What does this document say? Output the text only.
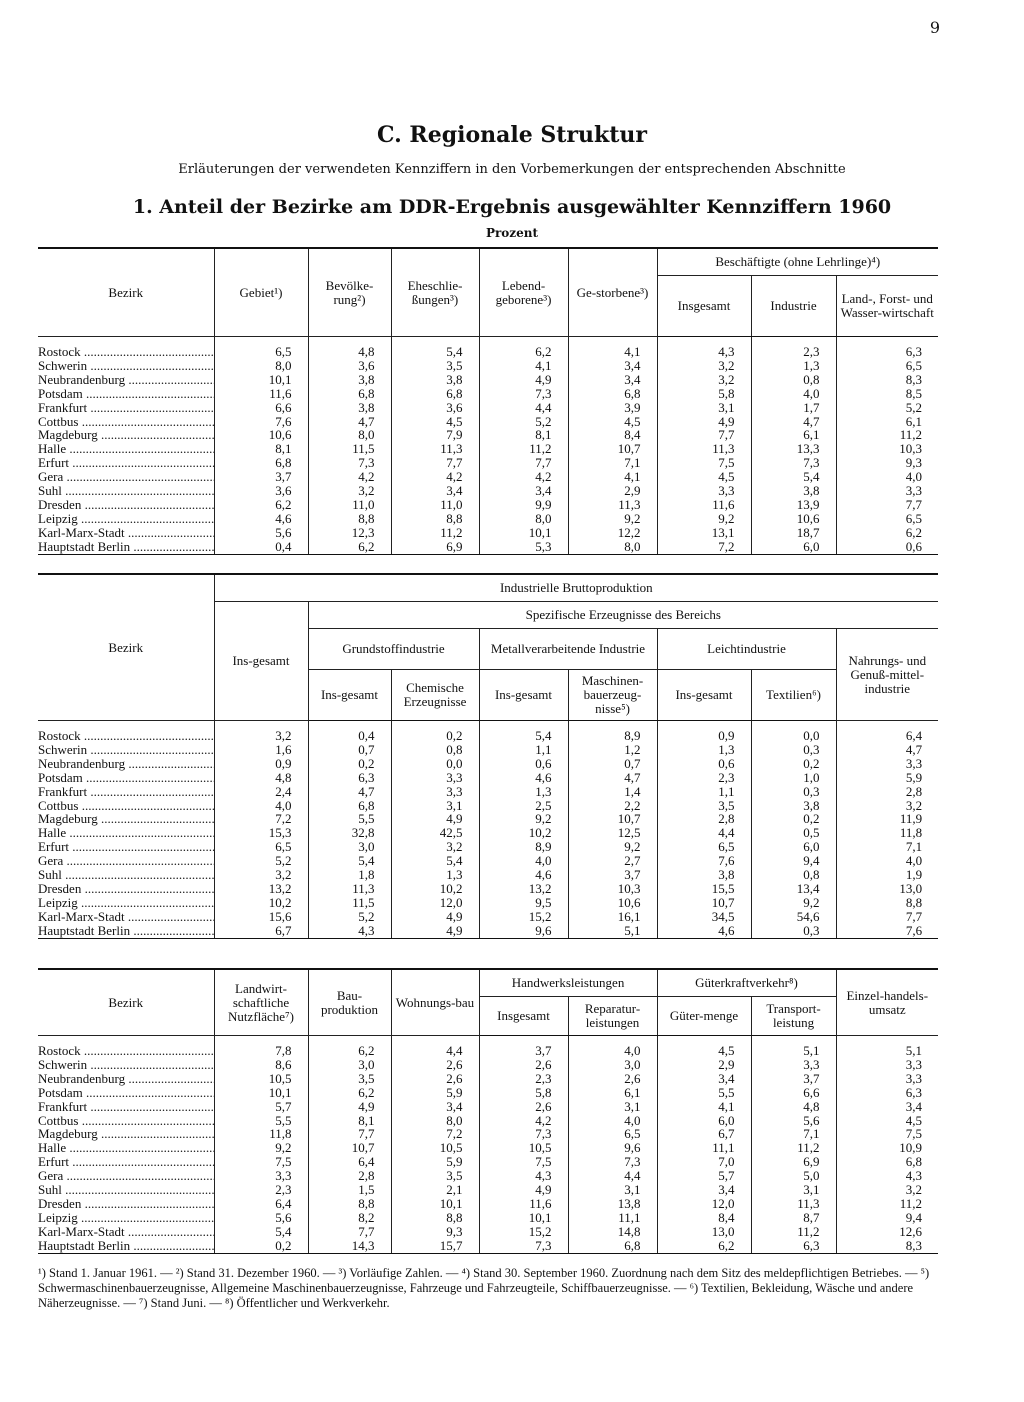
9
C. Regionale Struktur
Erläuterungen der verwendeten Kennziffern in den Vorbemerkungen der entsprechenden Abschnitte
1. Anteil der Bezirke am DDR-Ergebnis ausgewählter Kennziffern 1960
Prozent
Bezirk	Gebiet¹)	Bevölke-rung²)	Eheschlie-ßungen³)	Lebend-geborene³)	Ge-storbene³)	Beschäftigte (ohne Lehrlinge)⁴)		
						Insgesamt	Industrie	Land-, Forst- und Wasser-wirtschaft
Rostock .....	6,5	4,8	5,4	6,2	4,1	4,3	2,3	6,3
Schwerin .....	8,0	3,6	3,5	4,1	3,4	3,2	1,3	6,5
Neubrandenburg .....	10,1	3,8	3,8	4,9	3,4	3,2	0,8	8,3
Potsdam .....	11,6	6,8	6,8	7,3	6,8	5,8	4,0	8,5
Frankfurt .....	6,6	3,8	3,6	4,4	3,9	3,1	1,7	5,2
Cottbus .....	7,6	4,7	4,5	5,2	4,5	4,9	4,7	6,1
Magdeburg .....	10,6	8,0	7,9	8,1	8,4	7,7	6,1	11,2
Halle .....	8,1	11,5	11,3	11,2	10,7	11,3	13,3	10,3
Erfurt .....	6,8	7,3	7,7	7,7	7,1	7,5	7,3	9,3
Gera .....	3,7	4,2	4,2	4,2	4,1	4,5	5,4	4,0
Suhl .....	3,6	3,2	3,4	3,4	2,9	3,3	3,8	3,3
Dresden .....	6,2	11,0	11,0	9,9	11,3	11,6	13,9	7,7
Leipzig .....	4,6	8,8	8,8	8,0	9,2	9,2	10,6	6,5
Karl-Marx-Stadt .....	5,6	12,3	11,2	10,1	12,2	13,1	18,7	6,2
Hauptstadt Berlin .....	0,4	6,2	6,9	5,3	8,0	7,2	6,0	0,6
Bezirk	Industrielle Bruttoproduktion							
	Ins-gesamt	Spezifische Erzeugnisse des Bereichs						
		Grundstoffindustrie		Metallverarbeitende Industrie		Leichtindustrie		Nahrungs- und Genuß-mittel-industrie
		Ins-gesamt	Chemische Erzeugnisse	Ins-gesamt	Maschinen-bauerzeug-nisse⁵)	Ins-gesamt	Textilien⁶)	
Rostock .....	3,2	0,4	0,2	5,4	8,9	0,9	0,0	6,4
Schwerin .....	1,6	0,7	0,8	1,1	1,2	1,3	0,3	4,7
Neubrandenburg .....	0,9	0,2	0,0	0,6	0,7	0,6	0,2	3,3
Potsdam .....	4,8	6,3	3,3	4,6	4,7	2,3	1,0	5,9
Frankfurt .....	2,4	4,7	3,3	1,3	1,4	1,1	0,3	2,8
Cottbus .....	4,0	6,8	3,1	2,5	2,2	3,5	3,8	3,2
Magdeburg .....	7,2	5,5	4,9	9,2	10,7	2,8	0,2	11,9
Halle .....	15,3	32,8	42,5	10,2	12,5	4,4	0,5	11,8
Erfurt .....	6,5	3,0	3,2	8,9	9,2	6,5	6,0	7,1
Gera .....	5,2	5,4	5,4	4,0	2,7	7,6	9,4	4,0
Suhl .....	3,2	1,8	1,3	4,6	3,7	3,8	0,8	1,9
Dresden .....	13,2	11,3	10,2	13,2	10,3	15,5	13,4	13,0
Leipzig .....	10,2	11,5	12,0	9,5	10,6	10,7	9,2	8,8
Karl-Marx-Stadt .....	15,6	5,2	4,9	15,2	16,1	34,5	54,6	7,7
Hauptstadt Berlin .....	6,7	4,3	4,9	9,6	5,1	4,6	0,3	7,6
Bezirk	Landwirt-schaftliche Nutzfläche⁷)	Bau-produktion	Wohnungs-bau	Handwerksleistungen		Güterkraftverkehr⁸)		Einzel-handels-umsatz
				Insgesamt	Reparatur-leistungen	Güter-menge	Transport-leistung	
Rostock .....	7,8	6,2	4,4	3,7	4,0	4,5	5,1	5,1
Schwerin .....	8,6	3,0	2,6	2,6	3,0	2,9	3,3	3,3
Neubrandenburg .....	10,5	3,5	2,6	2,3	2,6	3,4	3,7	3,3
Potsdam .....	10,1	6,2	5,9	5,8	6,1	5,5	6,6	6,3
Frankfurt .....	5,7	4,9	3,4	2,6	3,1	4,1	4,8	3,4
Cottbus .....	5,5	8,1	8,0	4,2	4,0	6,0	5,6	4,5
Magdeburg .....	11,8	7,7	7,2	7,3	6,5	6,7	7,1	7,5
Halle .....	9,2	10,7	10,5	10,5	9,6	11,1	11,2	10,9
Erfurt .....	7,5	6,4	5,9	7,5	7,3	7,0	6,9	6,8
Gera .....	3,3	2,8	3,5	4,3	4,4	5,7	5,0	4,3
Suhl .....	2,3	1,5	2,1	4,9	3,1	3,4	3,1	3,2
Dresden .....	6,4	8,8	10,1	11,6	13,8	12,0	11,3	11,2
Leipzig .....	5,6	8,2	8,8	10,1	11,1	8,4	8,7	9,4
Karl-Marx-Stadt .....	5,4	7,7	9,3	15,2	14,8	13,0	11,2	12,6
Hauptstadt Berlin .....	0,2	14,3	15,7	7,3	6,8	6,2	6,3	8,3
¹) Stand 1. Januar 1961. — ²) Stand 31. Dezember 1960. — ³) Vorläufige Zahlen. — ⁴) Stand 30. September 1960. Zuordnung nach dem Sitz des meldepflichtigen Betriebes. — ⁵) Schwermaschinenbauerzeugnisse, Allgemeine Maschinenbauerzeugnisse, Fahrzeuge und Fahrzeugteile, Schiffbauerzeugnisse. — ⁶) Textilien, Bekleidung, Wäsche und andere Näherzeugnisse. — ⁷) Stand Juni. — ⁸) Öffentlicher und Werkverkehr.
